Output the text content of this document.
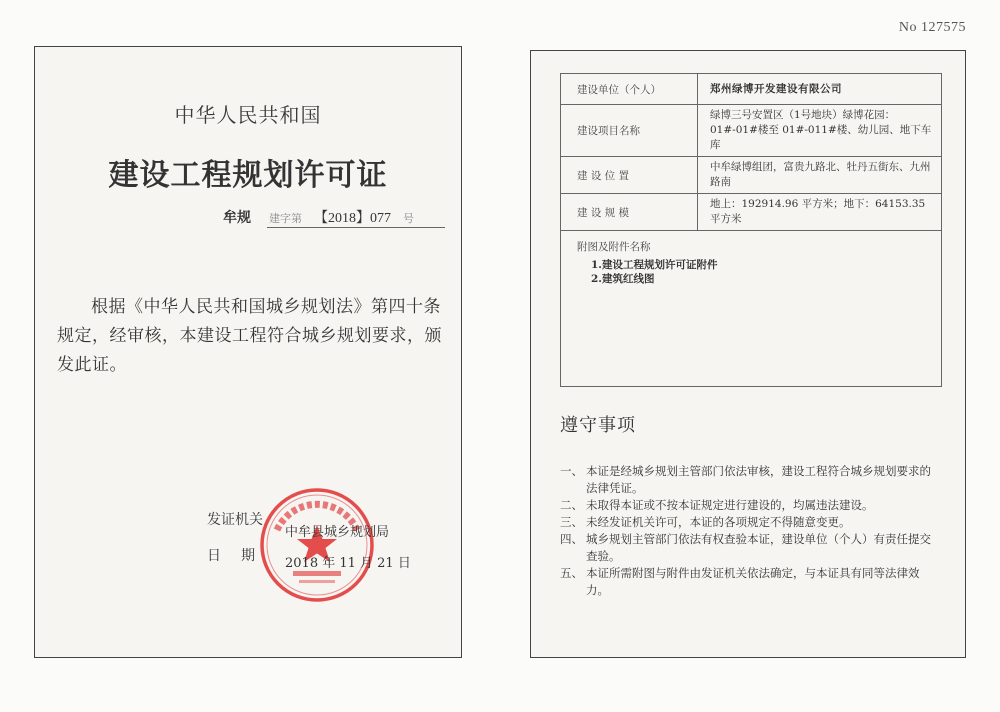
No 127575
中华人民共和国
建设工程规划许可证
牟规 建字第 【2018】077 号
根据《中华人民共和国城乡规划法》第四十条规定，经审核，本建设工程符合城乡规划要求，颁发此证。
发证机关
日期
中牟县城乡规划局
2018 年 11 月 21 日
建设单位（个人）	郑州绿博开发建设有限公司
建设项目名称	绿博三号安置区（1号地块）绿博花园：01#-01#楼至 01#-011#楼、幼儿园、地下车库
建 设 位 置	中牟绿博组团，富贵九路北、牡丹五街东、九州路南
建 设 规 模	地上：192914.96 平方米；地下：64153.35 平方米

附图及附件名称
1.建设工程规划许可证附件
2.建筑红线图	
遵守事项
一、 本证是经城乡规划主管部门依法审核，建设工程符合城乡规划要求的法律凭证。
二、 未取得本证或不按本证规定进行建设的，均属违法建设。
三、 未经发证机关许可，本证的各项规定不得随意变更。
四、 城乡规划主管部门依法有权查验本证，建设单位（个人）有责任提交查验。
五、 本证所需附图与附件由发证机关依法确定，与本证具有同等法律效力。
